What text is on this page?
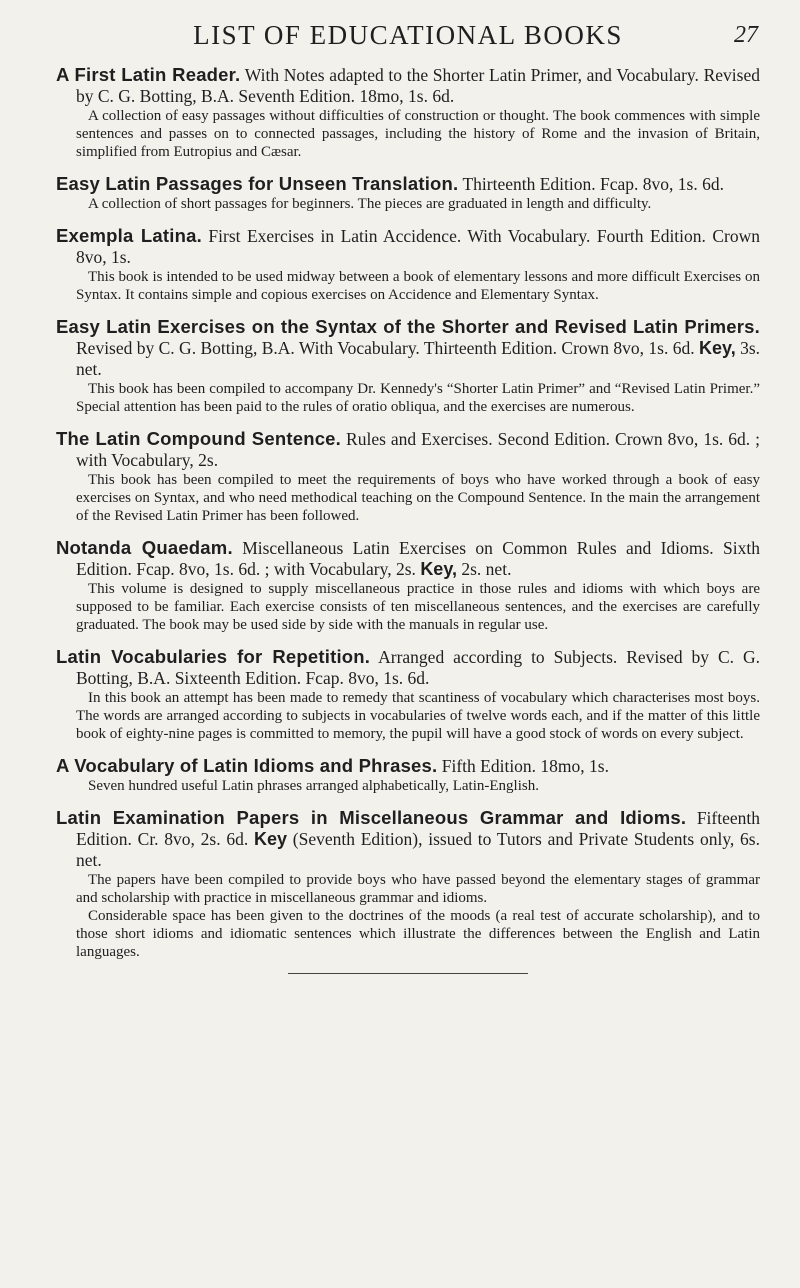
LIST OF EDUCATIONAL BOOKS	27
A First Latin Reader. With Notes adapted to the Shorter Latin Primer, and Vocabulary. Revised by C. G. Botting, B.A. Seventh Edition. 18mo, 1s. 6d.

A collection of easy passages without difficulties of construction or thought. The book commences with simple sentences and passes on to connected passages, including the history of Rome and the invasion of Britain, simplified from Eutropius and Cæsar.

Easy Latin Passages for Unseen Translation. Thirteenth Edition. Fcap. 8vo, 1s. 6d.

A collection of short passages for beginners. The pieces are graduated in length and difficulty.

Exempla Latina. First Exercises in Latin Accidence. With Vocabulary. Fourth Edition. Crown 8vo, 1s.

This book is intended to be used midway between a book of elementary lessons and more difficult Exercises on Syntax. It contains simple and copious exercises on Accidence and Elementary Syntax.

Easy Latin Exercises on the Syntax of the Shorter and Revised Latin Primers. Revised by C. G. Botting, B.A. With Vocabulary. Thirteenth Edition. Crown 8vo, 1s. 6d. Key, 3s. net.

This book has been compiled to accompany Dr. Kennedy's “Shorter Latin Primer” and “Revised Latin Primer.” Special attention has been paid to the rules of oratio obliqua, and the exercises are numerous.

The Latin Compound Sentence. Rules and Exercises. Second Edition. Crown 8vo, 1s. 6d. ; with Vocabulary, 2s.

This book has been compiled to meet the requirements of boys who have worked through a book of easy exercises on Syntax, and who need methodical teaching on the Compound Sentence. In the main the arrangement of the Revised Latin Primer has been followed.

Notanda Quaedam. Miscellaneous Latin Exercises on Common Rules and Idioms. Sixth Edition. Fcap. 8vo, 1s. 6d. ; with Vocabulary, 2s. Key, 2s. net.

This volume is designed to supply miscellaneous practice in those rules and idioms with which boys are supposed to be familiar. Each exercise consists of ten miscellaneous sentences, and the exercises are carefully graduated. The book may be used side by side with the manuals in regular use.

Latin Vocabularies for Repetition. Arranged according to Subjects. Revised by C. G. Botting, B.A. Sixteenth Edition. Fcap. 8vo, 1s. 6d.

In this book an attempt has been made to remedy that scantiness of vocabulary which characterises most boys. The words are arranged according to subjects in vocabularies of twelve words each, and if the matter of this little book of eighty-nine pages is committed to memory, the pupil will have a good stock of words on every subject.

A Vocabulary of Latin Idioms and Phrases. Fifth Edition. 18mo, 1s.

Seven hundred useful Latin phrases arranged alphabetically, Latin-English.

Latin Examination Papers in Miscellaneous Grammar and Idioms. Fifteenth Edition. Cr. 8vo, 2s. 6d. Key (Seventh Edition), issued to Tutors and Private Students only, 6s. net.

The papers have been compiled to provide boys who have passed beyond the elementary stages of grammar and scholarship with practice in miscellaneous grammar and idioms.

Considerable space has been given to the doctrines of the moods (a real test of accurate scholarship), and to those short idioms and idiomatic sentences which illustrate the differences between the English and Latin languages.
